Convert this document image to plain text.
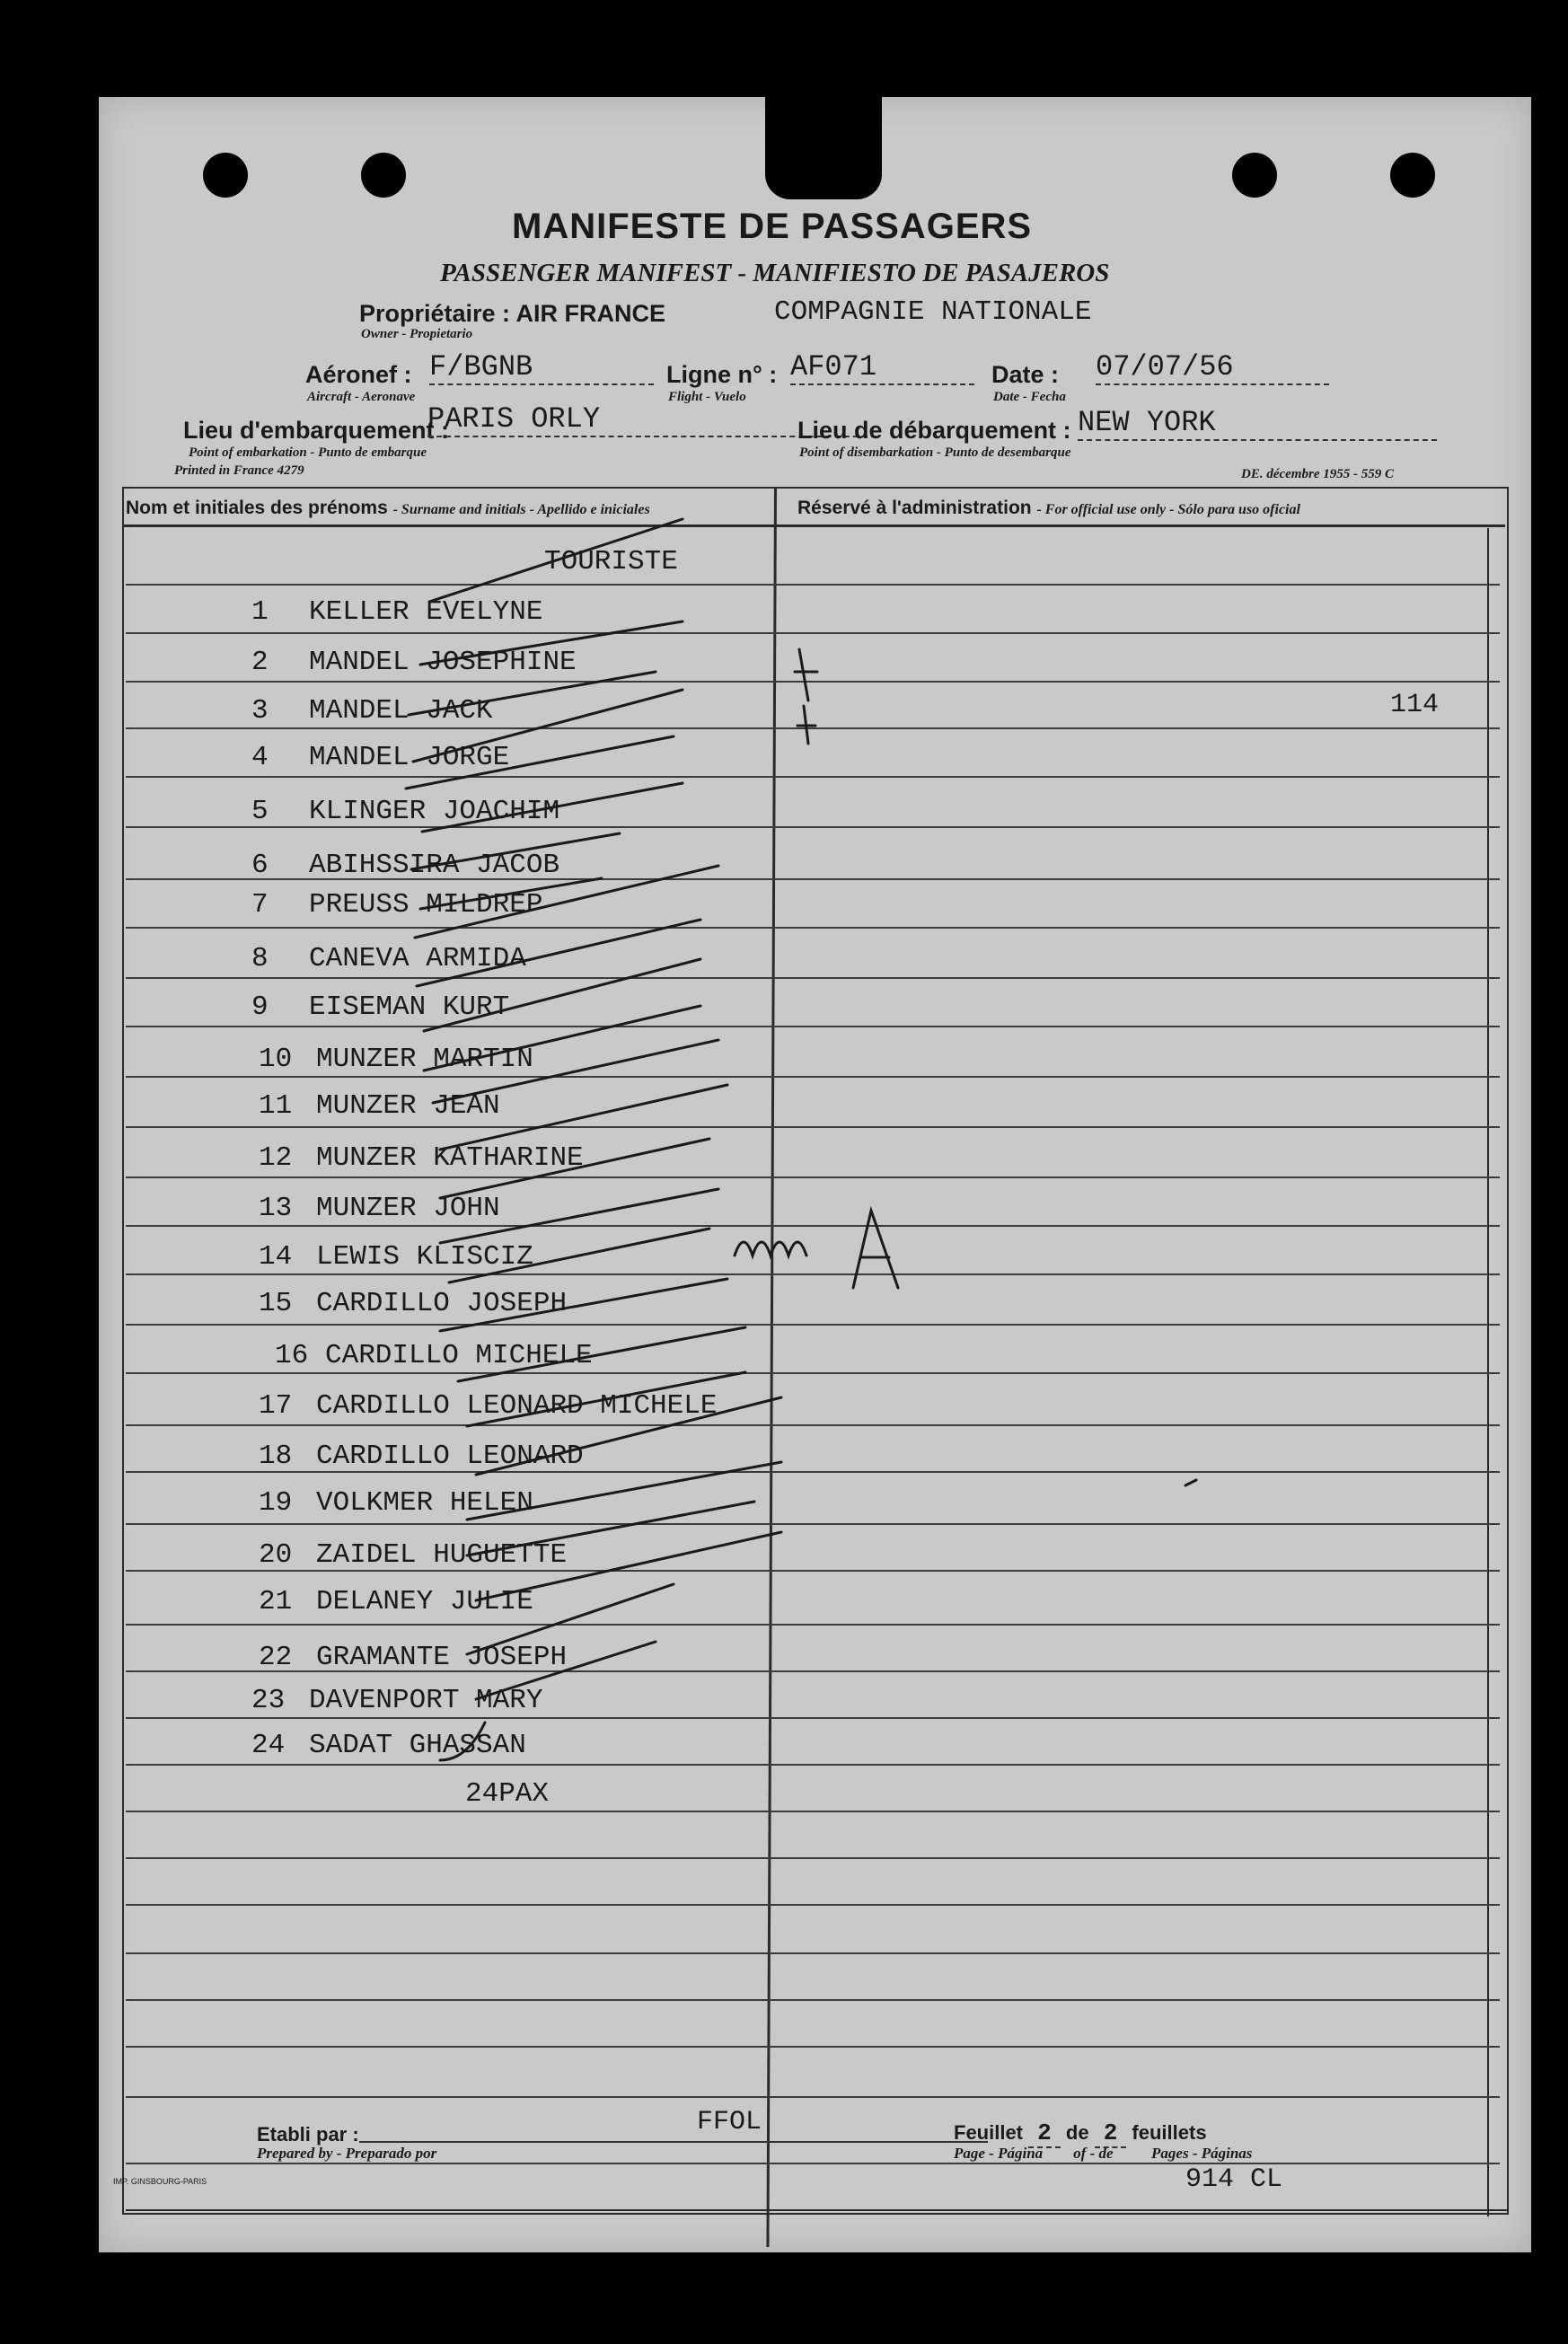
MANIFESTE DE PASSAGERS
PASSENGER MANIFEST - MANIFIESTO DE PASAJEROS
Propriétaire : AIR FRANCE	COMPAGNIE NATIONALE
Owner - Propietario
Aéronef : F/BGNB
Aircraft - Aeronave
Ligne n° : AF071
Flight - Vuelo
Date : 07/07/56
Date - Fecha
Lieu d'embarquement :
PARIS ORLY
Point of embarkation - Punto de embarque
Lieu de débarquement : NEW YORK
Point of disembarkation - Punto de desembarque
Printed in France 4279	DE. décembre 1955 - 559 C
Nom et initiales des prénoms - Surname and initials - Apellido e iniciales	Réservé à l'administration - For official use only - Sólo para uso oficial
TOURISTE
114
1 KELLER EVELYNE
2 MANDEL JOSEPHINE
3 MANDEL JACK
4 MANDEL JORGE
5 KLINGER JOACHIM
6 ABIHSSIRA JACOB
7 PREUSS MILDREP
8 CANEVA ARMIDA
9 EISEMAN KURT
10 MUNZER MARTIN
11 MUNZER JEAN
12 MUNZER KATHARINE
13 MUNZER JOHN
14 LEWIS KLISCIZ
15 CARDILLO JOSEPH
16 CARDILLO MICHELE
17 CARDILLO LEONARD MICHELE
18 CARDILLO LEONARD
19 VOLKMER HELEN
20 ZAIDEL HUGUETTE
21 DELANEY JULIE
22 GRAMANTE JOSEPH
23 DAVENPORT MARY
24 SADAT GHASSAN
24PAX
Etabli par :
Prepared by - Preparado por
FFOL	Feuillet 2 de 2 feuillets
Page - Página of - de	Pages - Páginas
IMP. GINSBOURG-PARIS	914 CL
